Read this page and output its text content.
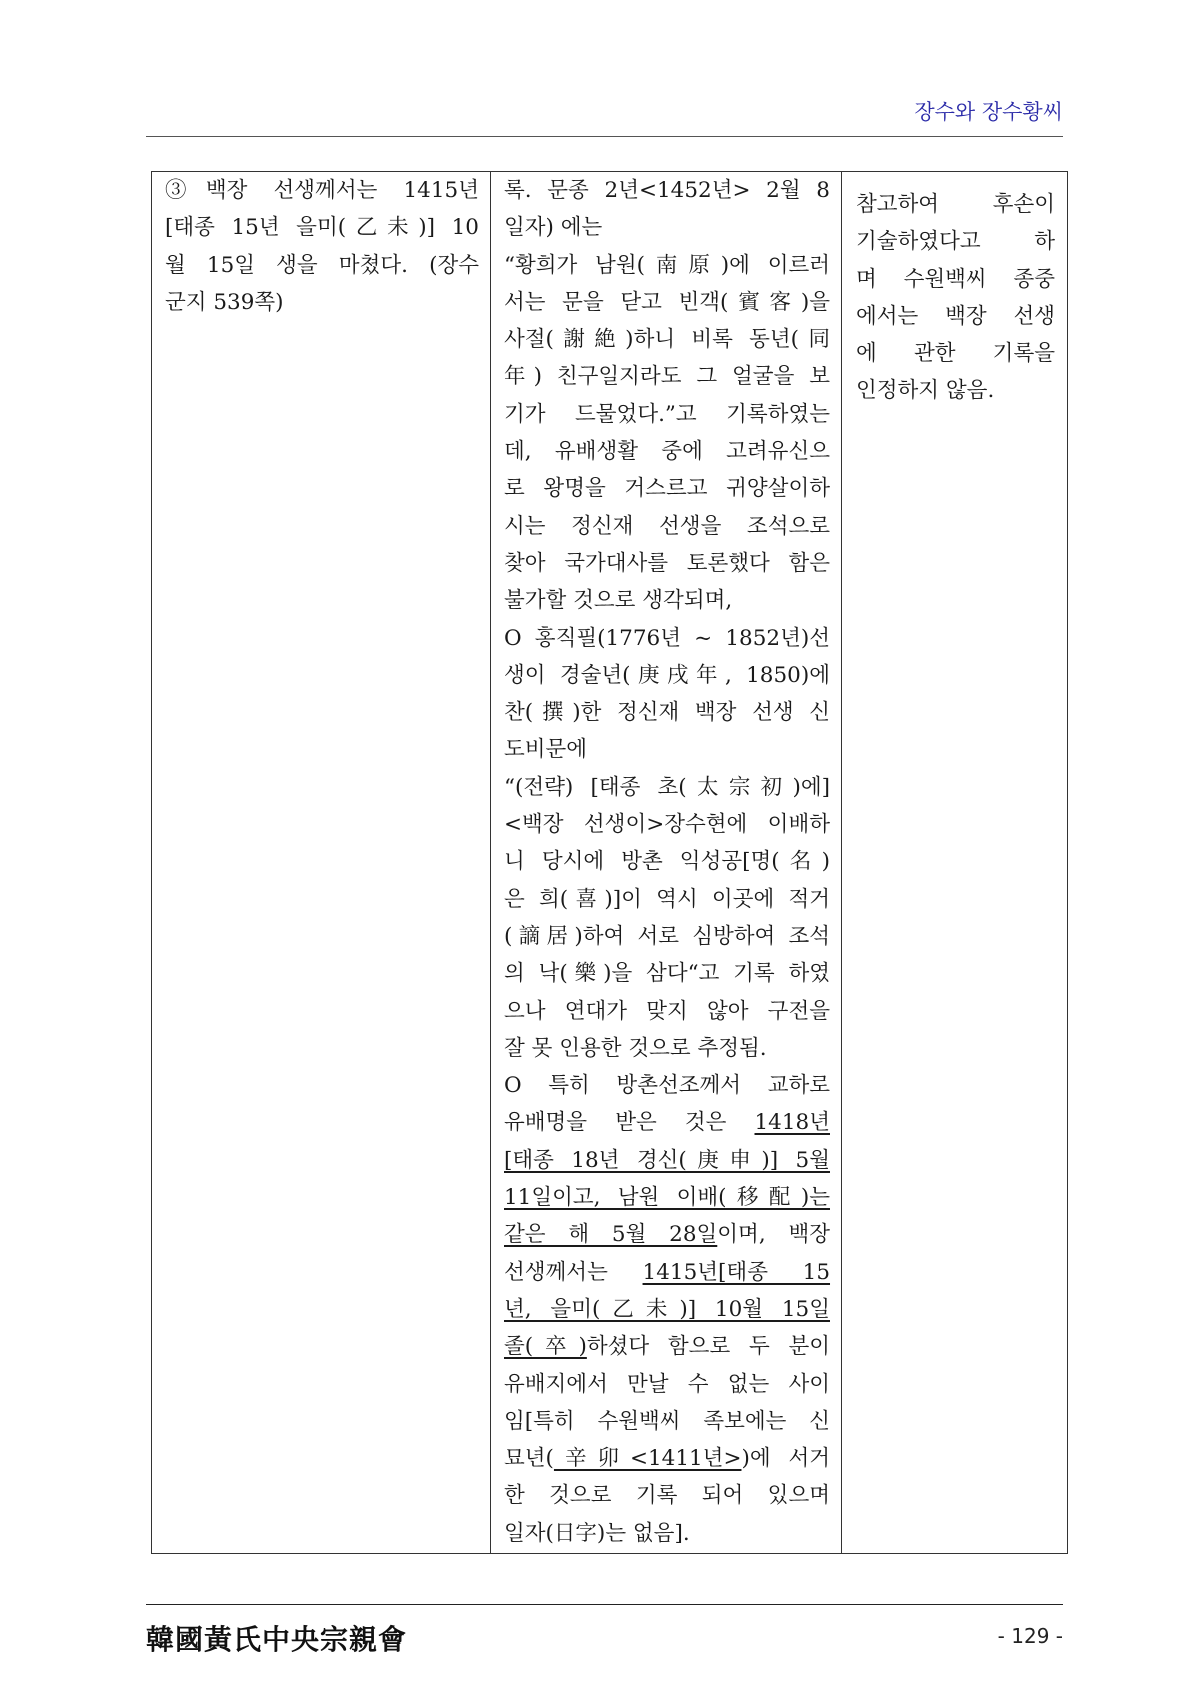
장수와 장수황씨
③백장 선생께서는 1415년
[태종 15년 을미(乙未)] 10
월 15일 생을 마쳤다. (장수
군지 539쪽)

록. 문종 2년<1452년> 2월 8
일자) 에는
“황희가 남원(南原)에 이르러
서는 문을 닫고 빈객(賓客)을
사절(謝絶)하니 비록 동년(同
年) 친구일지라도 그 얼굴을 보
기가 드물었다.”고 기록하였는
데, 유배생활 중에 고려유신으
로 왕명을 거스르고 귀양살이하
시는 정신재 선생을 조석으로
찾아 국가대사를 토론했다 함은
불가할 것으로 생각되며,
O 홍직필(1776년 ~ 1852년)선
생이 경술년(庚戌年, 1850)에
찬(撰)한 정신재 백장 선생 신
도비문에
“(전략) [태종 초(太宗初)에]
<백장 선생이>장수현에 이배하
니 당시에 방촌 익성공[명(名)
은 희(喜)]이 역시 이곳에 적거
(謫居)하여 서로 심방하여 조석
의 낙(樂)을 삼다“고 기록 하였
으나 연대가 맞지 않아 구전을
잘 못 인용한 것으로 추정됨.
O 특히 방촌선조께서 교하로
유배명을 받은 것은 1418년
[태종 18년 경신(庚申)] 5월
11일이고, 남원 이배(移配)는
같은 해 5월 28일이며, 백장
선생께서는 1415년[태종 15
년, 을미(乙未)] 10월 15일
졸(卒)하셨다 함으로 두 분이
유배지에서 만날 수 없는 사이
임[특히 수원백씨 족보에는 신
묘년(辛卯<1411년>)에 서거
한 것으로 기록 되어 있으며
일자(日字)는 없음].

참고하여 후손이
기술하였다고 하
며 수원백씨 종중
에서는 백장 선생
에 관한 기록을
인정하지 않음.
韓國黃氏中央宗親會	- 129 -
